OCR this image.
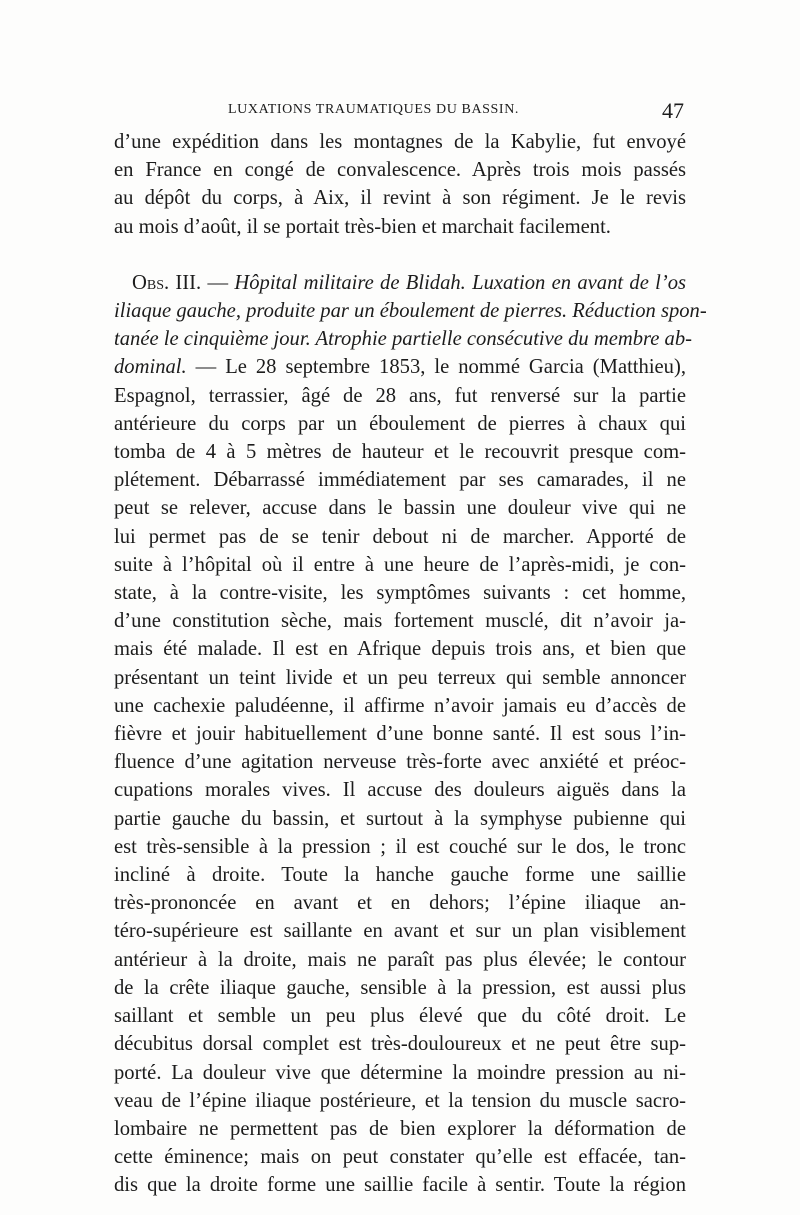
LUXATIONS TRAUMATIQUES DU BASSIN.	47
d’une expédition dans les montagnes de la Kabylie, fut envoyé
en France en congé de convalescence. Après trois mois passés
au dépôt du corps, à Aix, il revint à son régiment. Je le revis
au mois d’août, il se portait très-bien et marchait facilement.
Obs. III. — Hôpital militaire de Blidah. Luxation en avant de l’os
iliaque gauche, produite par un éboulement de pierres. Réduction spon-
tanée le cinquième jour. Atrophie partielle consécutive du membre ab-
dominal. — Le 28 septembre 1853, le nommé Garcia (Matthieu),
Espagnol, terrassier, âgé de 28 ans, fut renversé sur la partie
antérieure du corps par un éboulement de pierres à chaux qui
tomba de 4 à 5 mètres de hauteur et le recouvrit presque com-
plétement. Débarrassé immédiatement par ses camarades, il ne
peut se relever, accuse dans le bassin une douleur vive qui ne
lui permet pas de se tenir debout ni de marcher. Apporté de
suite à l’hôpital où il entre à une heure de l’après-midi, je con-
state, à la contre-visite, les symptômes suivants : cet homme,
d’une constitution sèche, mais fortement musclé, dit n’avoir ja-
mais été malade. Il est en Afrique depuis trois ans, et bien que
présentant un teint livide et un peu terreux qui semble annoncer
une cachexie paludéenne, il affirme n’avoir jamais eu d’accès de
fièvre et jouir habituellement d’une bonne santé. Il est sous l’in-
fluence d’une agitation nerveuse très-forte avec anxiété et préoc-
cupations morales vives. Il accuse des douleurs aiguës dans la
partie gauche du bassin, et surtout à la symphyse pubienne qui
est très-sensible à la pression ; il est couché sur le dos, le tronc
incliné à droite. Toute la hanche gauche forme une saillie
très-prononcée en avant et en dehors; l’épine iliaque an-
téro-supérieure est saillante en avant et sur un plan visiblement
antérieur à la droite, mais ne paraît pas plus élevée; le contour
de la crête iliaque gauche, sensible à la pression, est aussi plus
saillant et semble un peu plus élevé que du côté droit. Le
décubitus dorsal complet est très-douloureux et ne peut être sup-
porté. La douleur vive que détermine la moindre pression au ni-
veau de l’épine iliaque postérieure, et la tension du muscle sacro-
lombaire ne permettent pas de bien explorer la déformation de
cette éminence; mais on peut constater qu’elle est effacée, tan-
dis que la droite forme une saillie facile à sentir. Toute la région
